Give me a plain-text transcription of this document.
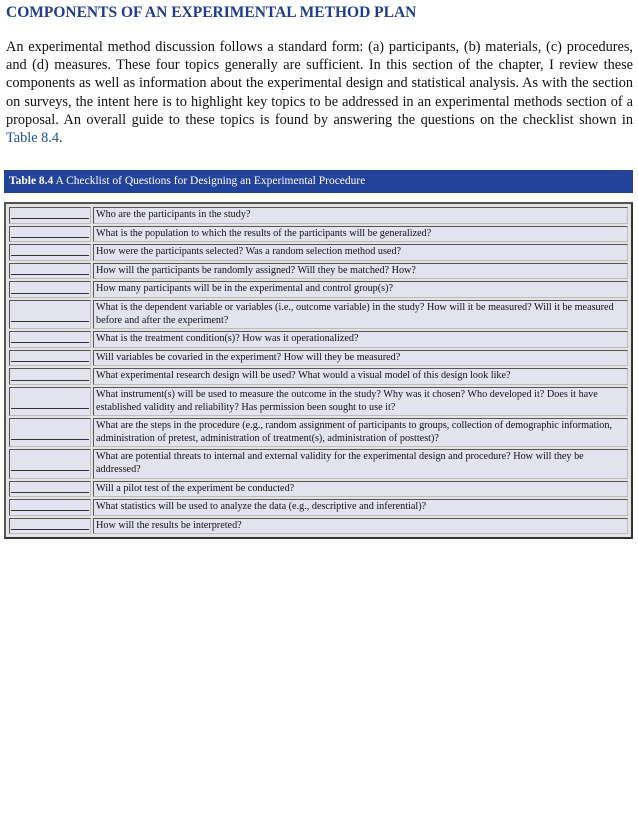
COMPONENTS OF AN EXPERIMENTAL METHOD PLAN

An experimental method discussion follows a standard form: (a) participants, (b) materials, (c) procedures, and (d) measures. These four topics generally are sufficient. In this section of the chapter, I review these components as well as information about the experimental design and statistical analysis. As with the section on surveys, the intent here is to highlight key topics to be addressed in an experimental methods section of a proposal. An overall guide to these topics is found by answering the questions on the checklist shown in Table 8.4.

Table 8.4 A Checklist of Questions for Designing an Experimental Procedure
	Who are the participants in the study?

	What is the population to which the results of the participants will be generalized?

	How were the participants selected? Was a random selection method used?

	How will the participants be randomly assigned? Will they be matched? How?

	How many participants will be in the experimental and control group(s)?

	What is the dependent variable or variables (i.e., outcome variable) in the study? How will it be measured? Will it be measured before and after the experiment?

	What is the treatment condition(s)? How was it operationalized?

	Will variables be covaried in the experiment? How will they be measured?

	What experimental research design will be used? What would a visual model of this design look like?

	What instrument(s) will be used to measure the outcome in the study? Why was it chosen? Who developed it? Does it have established validity and reliability? Has permission been sought to use it?

	What are the steps in the procedure (e.g., random assignment of participants to groups, collection of demographic information, administration of pretest, administration of treatment(s), administration of posttest)?

	What are potential threats to internal and external validity for the experimental design and procedure? How will they be addressed?

	Will a pilot test of the experiment be conducted?

	What statistics will be used to analyze the data (e.g., descriptive and inferential)?

	How will the results be interpreted?
